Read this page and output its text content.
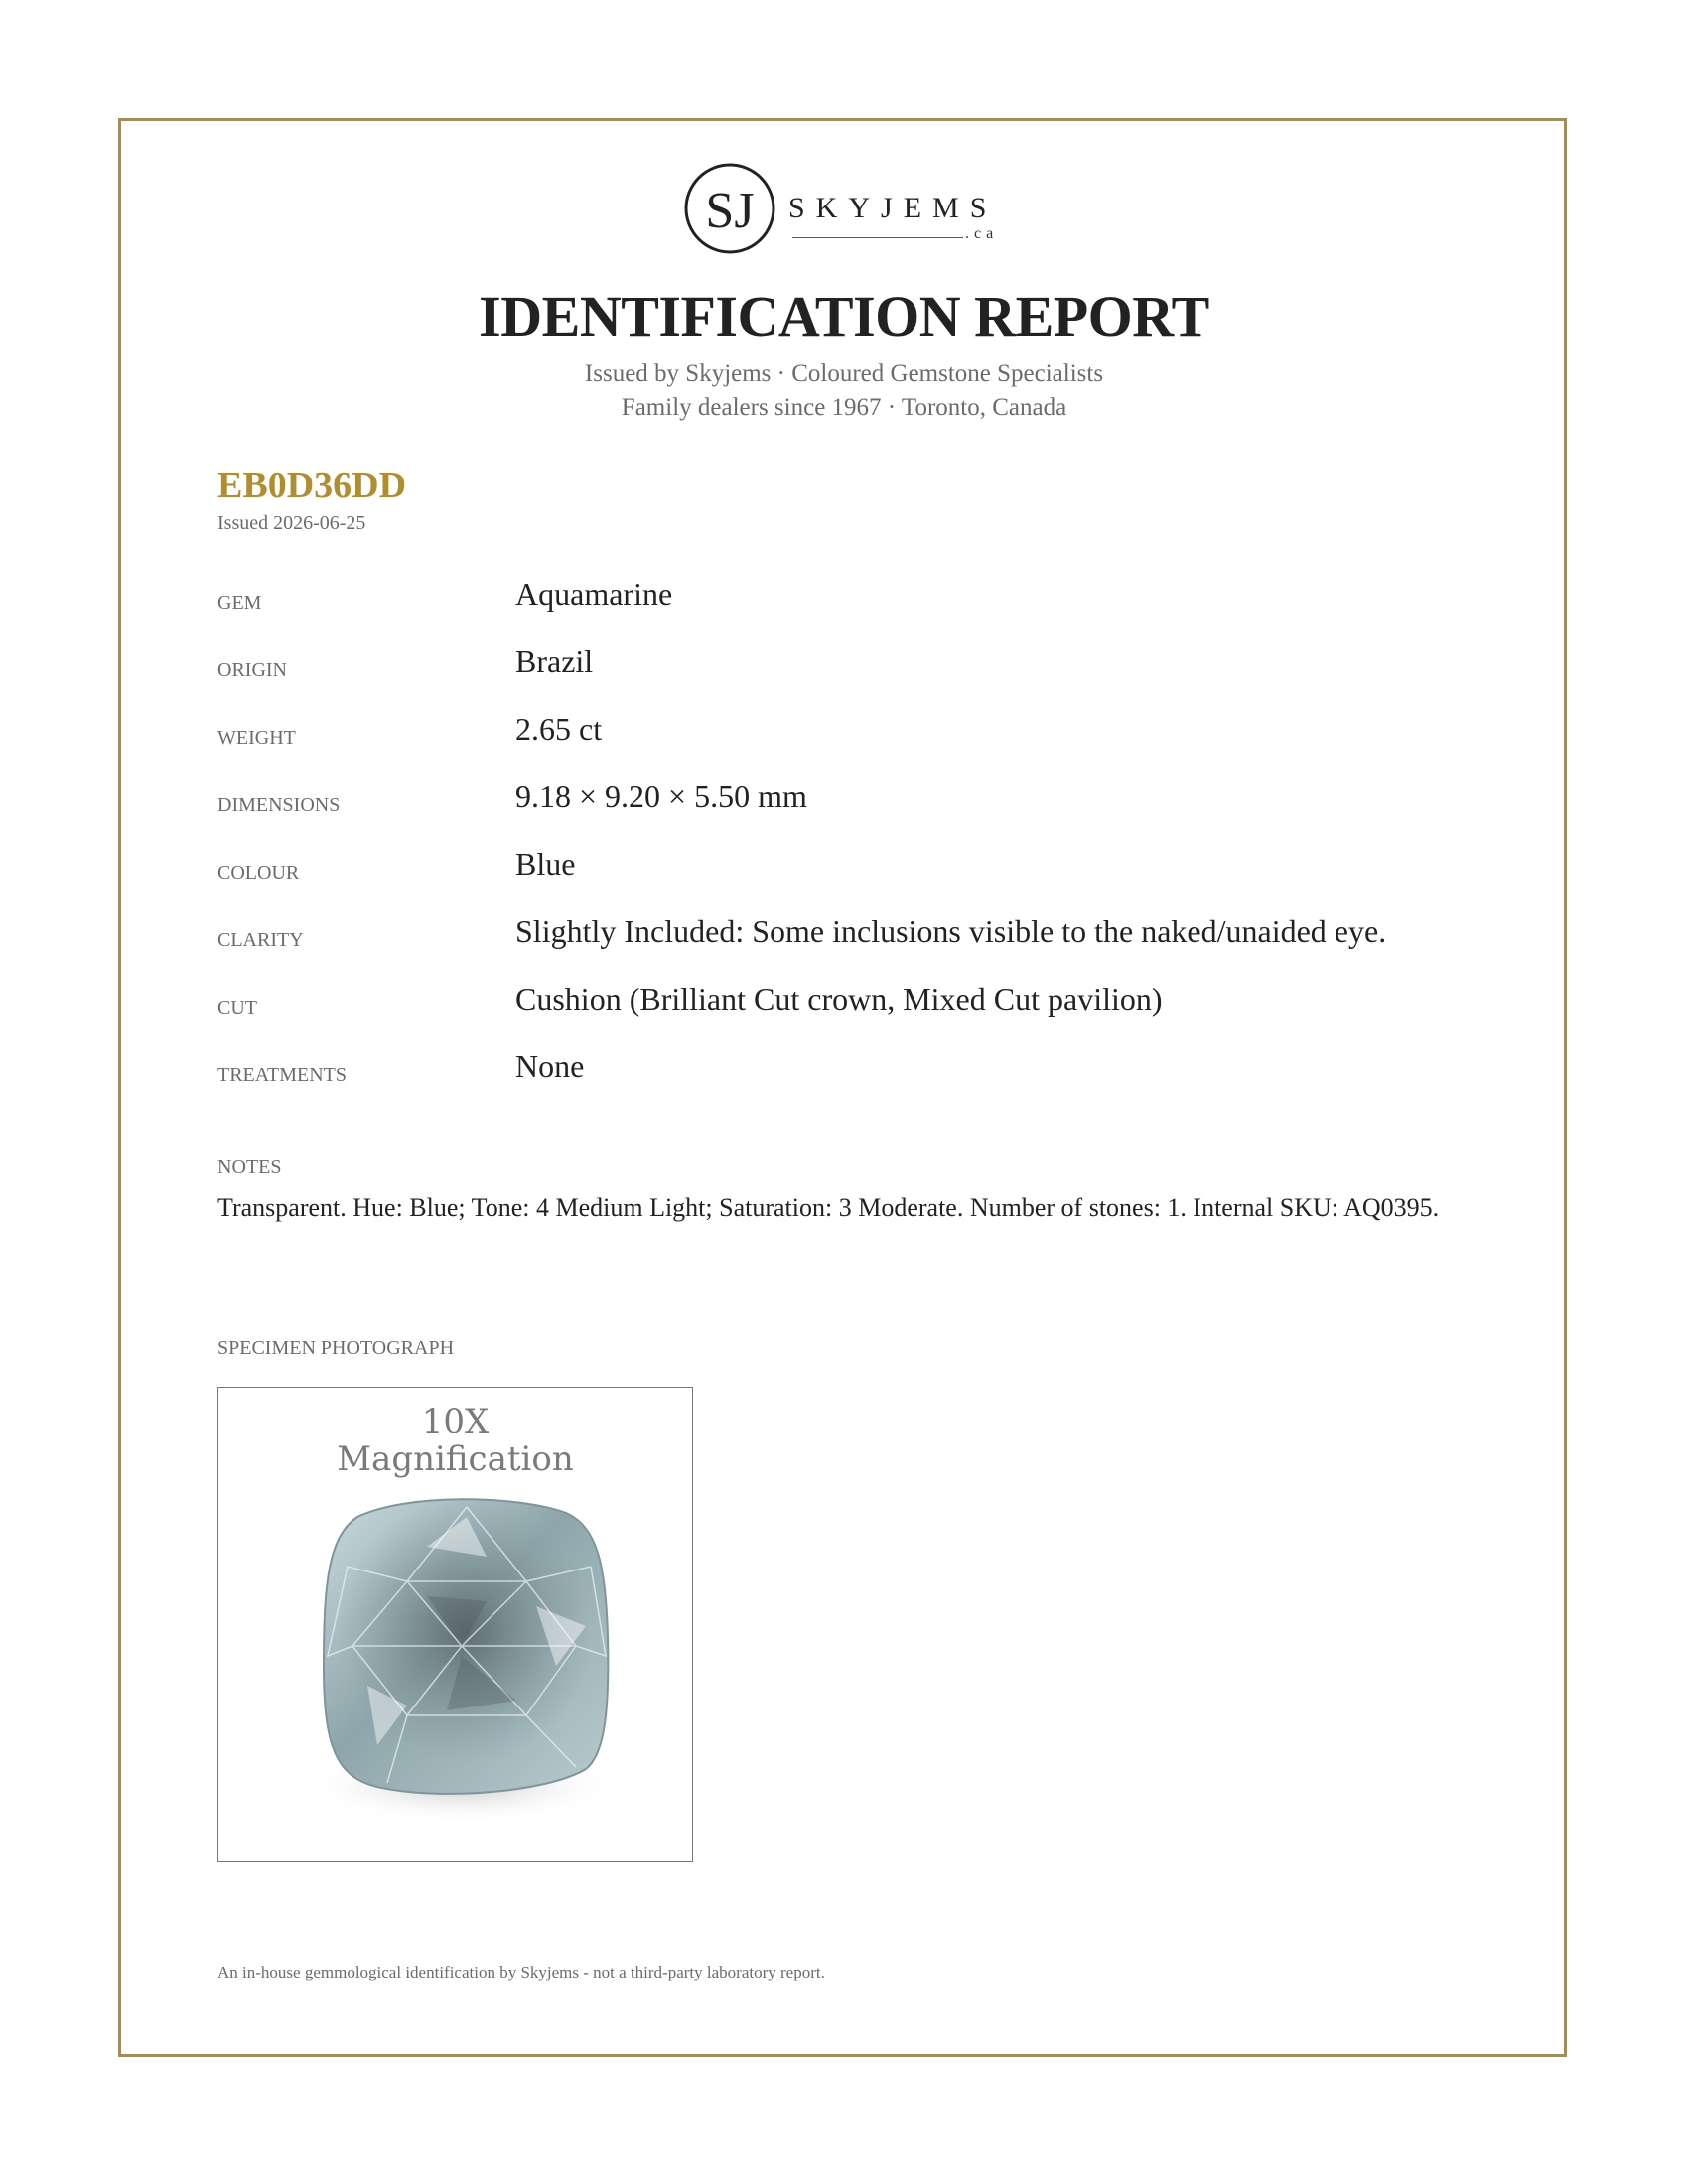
SJ SKYJEMS
.ca
IDENTIFICATION REPORT
Issued by Skyjems · Coloured Gemstone Specialists
Family dealers since 1967 · Toronto, Canada
EB0D36DD
Issued 2026-06-25
GEM	Aquamarine
ORIGIN	Brazil
WEIGHT	2.65 ct
DIMENSIONS	9.18 × 9.20 × 5.50 mm
COLOUR	Blue
CLARITY	Slightly Included: Some inclusions visible to the naked/unaided eye.
CUT	Cushion (Brilliant Cut crown, Mixed Cut pavilion)
TREATMENTS	None
NOTES
Transparent. Hue: Blue; Tone: 4 Medium Light; Saturation: 3 Moderate. Number of stones: 1. Internal SKU: AQ0395.
SPECIMEN PHOTOGRAPH
10X
Magnification
An in-house gemmological identification by Skyjems - not a third-party laboratory report.
